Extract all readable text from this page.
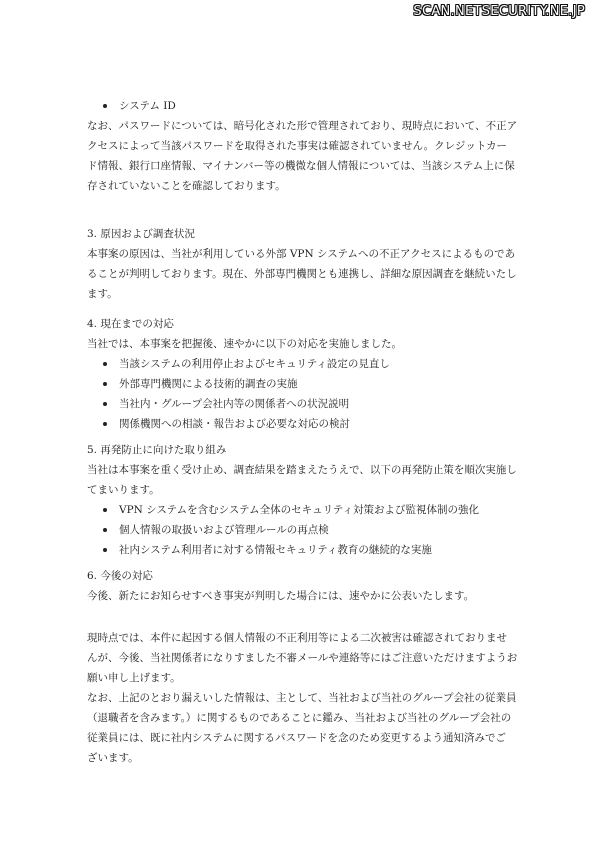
SCAN.NETSECURITY.NE.JP
システム ID

なお、パスワードについては、暗号化された形で管理されており、現時点において、不正ア

クセスによって当該パスワードを取得された事実は確認されていません。クレジットカー

ド情報、銀行口座情報、マイナンバー等の機微な個人情報については、当該システム上に保

存されていないことを確認しております。

3. 原因および調査状況

本事案の原因は、当社が利用している外部 VPN システムへの不正アクセスによるものであ

ることが判明しております。現在、外部専門機関とも連携し、詳細な原因調査を継続いたし

ます。

4. 現在までの対応

当社では、本事案を把握後、速やかに以下の対応を実施しました。

当該システムの利用停止およびセキュリティ設定の見直し
外部専門機関による技術的調査の実施
当社内・グループ会社内等の関係者への状況説明
関係機関への相談・報告および必要な対応の検討

5. 再発防止に向けた取り組み

当社は本事案を重く受け止め、調査結果を踏まえたうえで、以下の再発防止策を順次実施し

てまいります。

VPN システムを含むシステム全体のセキュリティ対策および監視体制の強化
個人情報の取扱いおよび管理ルールの再点検
社内システム利用者に対する情報セキュリティ教育の継続的な実施

6. 今後の対応

今後、新たにお知らせすべき事実が判明した場合には、速やかに公表いたします。

現時点では、本件に起因する個人情報の不正利用等による二次被害は確認されておりませ

んが、今後、当社関係者になりすました不審メールや連絡等にはご注意いただけますようお

願い申し上げます。

なお、上記のとおり漏えいした情報は、主として、当社および当社のグループ会社の従業員

（退職者を含みます。）に関するものであることに鑑み、当社および当社のグループ会社の

従業員には、既に社内システムに関するパスワードを念のため変更するよう通知済みでご

ざいます。
